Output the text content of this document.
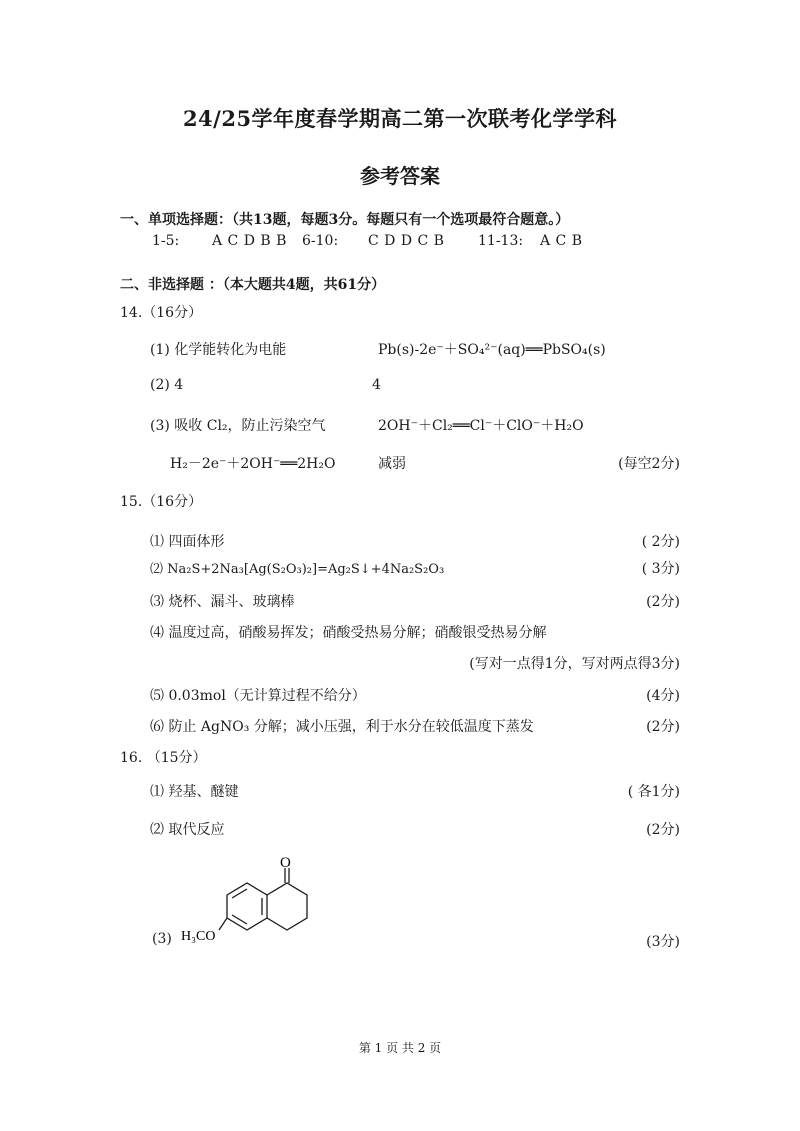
24/25学年度春学期高二第一次联考化学学科
参考答案
一、单项选择题：（共13题，每题3分。每题只有一个选项最符合题意。）
1-5: A C D B B 6-10: C D D C B 11-13: A C B
二、非选择题 ：（本大题共4题，共61分）
14.（16分）
(1) 化学能转化为电能	Pb(s)-2e⁻＋SO₄²⁻(aq)══PbSO₄(s)
(2) 4	4
(3) 吸收 Cl₂，防止污染空气	2OH⁻＋Cl₂══Cl⁻＋ClO⁻＋H₂O
H₂－2e⁻＋2OH⁻══2H₂O	减弱	(每空2分)
15.（16分）
⑴ 四面体形	( 2分)
⑵ Na₂S+2Na₃[Ag(S₂O₃)₂]=Ag₂S↓+4Na₂S₂O₃	( 3分)
⑶ 烧杯、漏斗、玻璃棒	(2分)
⑷ 温度过高，硝酸易挥发；硝酸受热易分解；硝酸银受热易分解
(写对一点得1分，写对两点得3分)
⑸ 0.03mol（无计算过程不给分）	(4分)
⑹ 防止 AgNO₃ 分解；减小压强，利于水分在较低温度下蒸发	(2分)
16. （15分）
⑴ 羟基、醚键	( 各1分)
⑵ 取代反应	(2分)
(3)	(3分)
O
H₃CO
第 1 页 共 2 页
